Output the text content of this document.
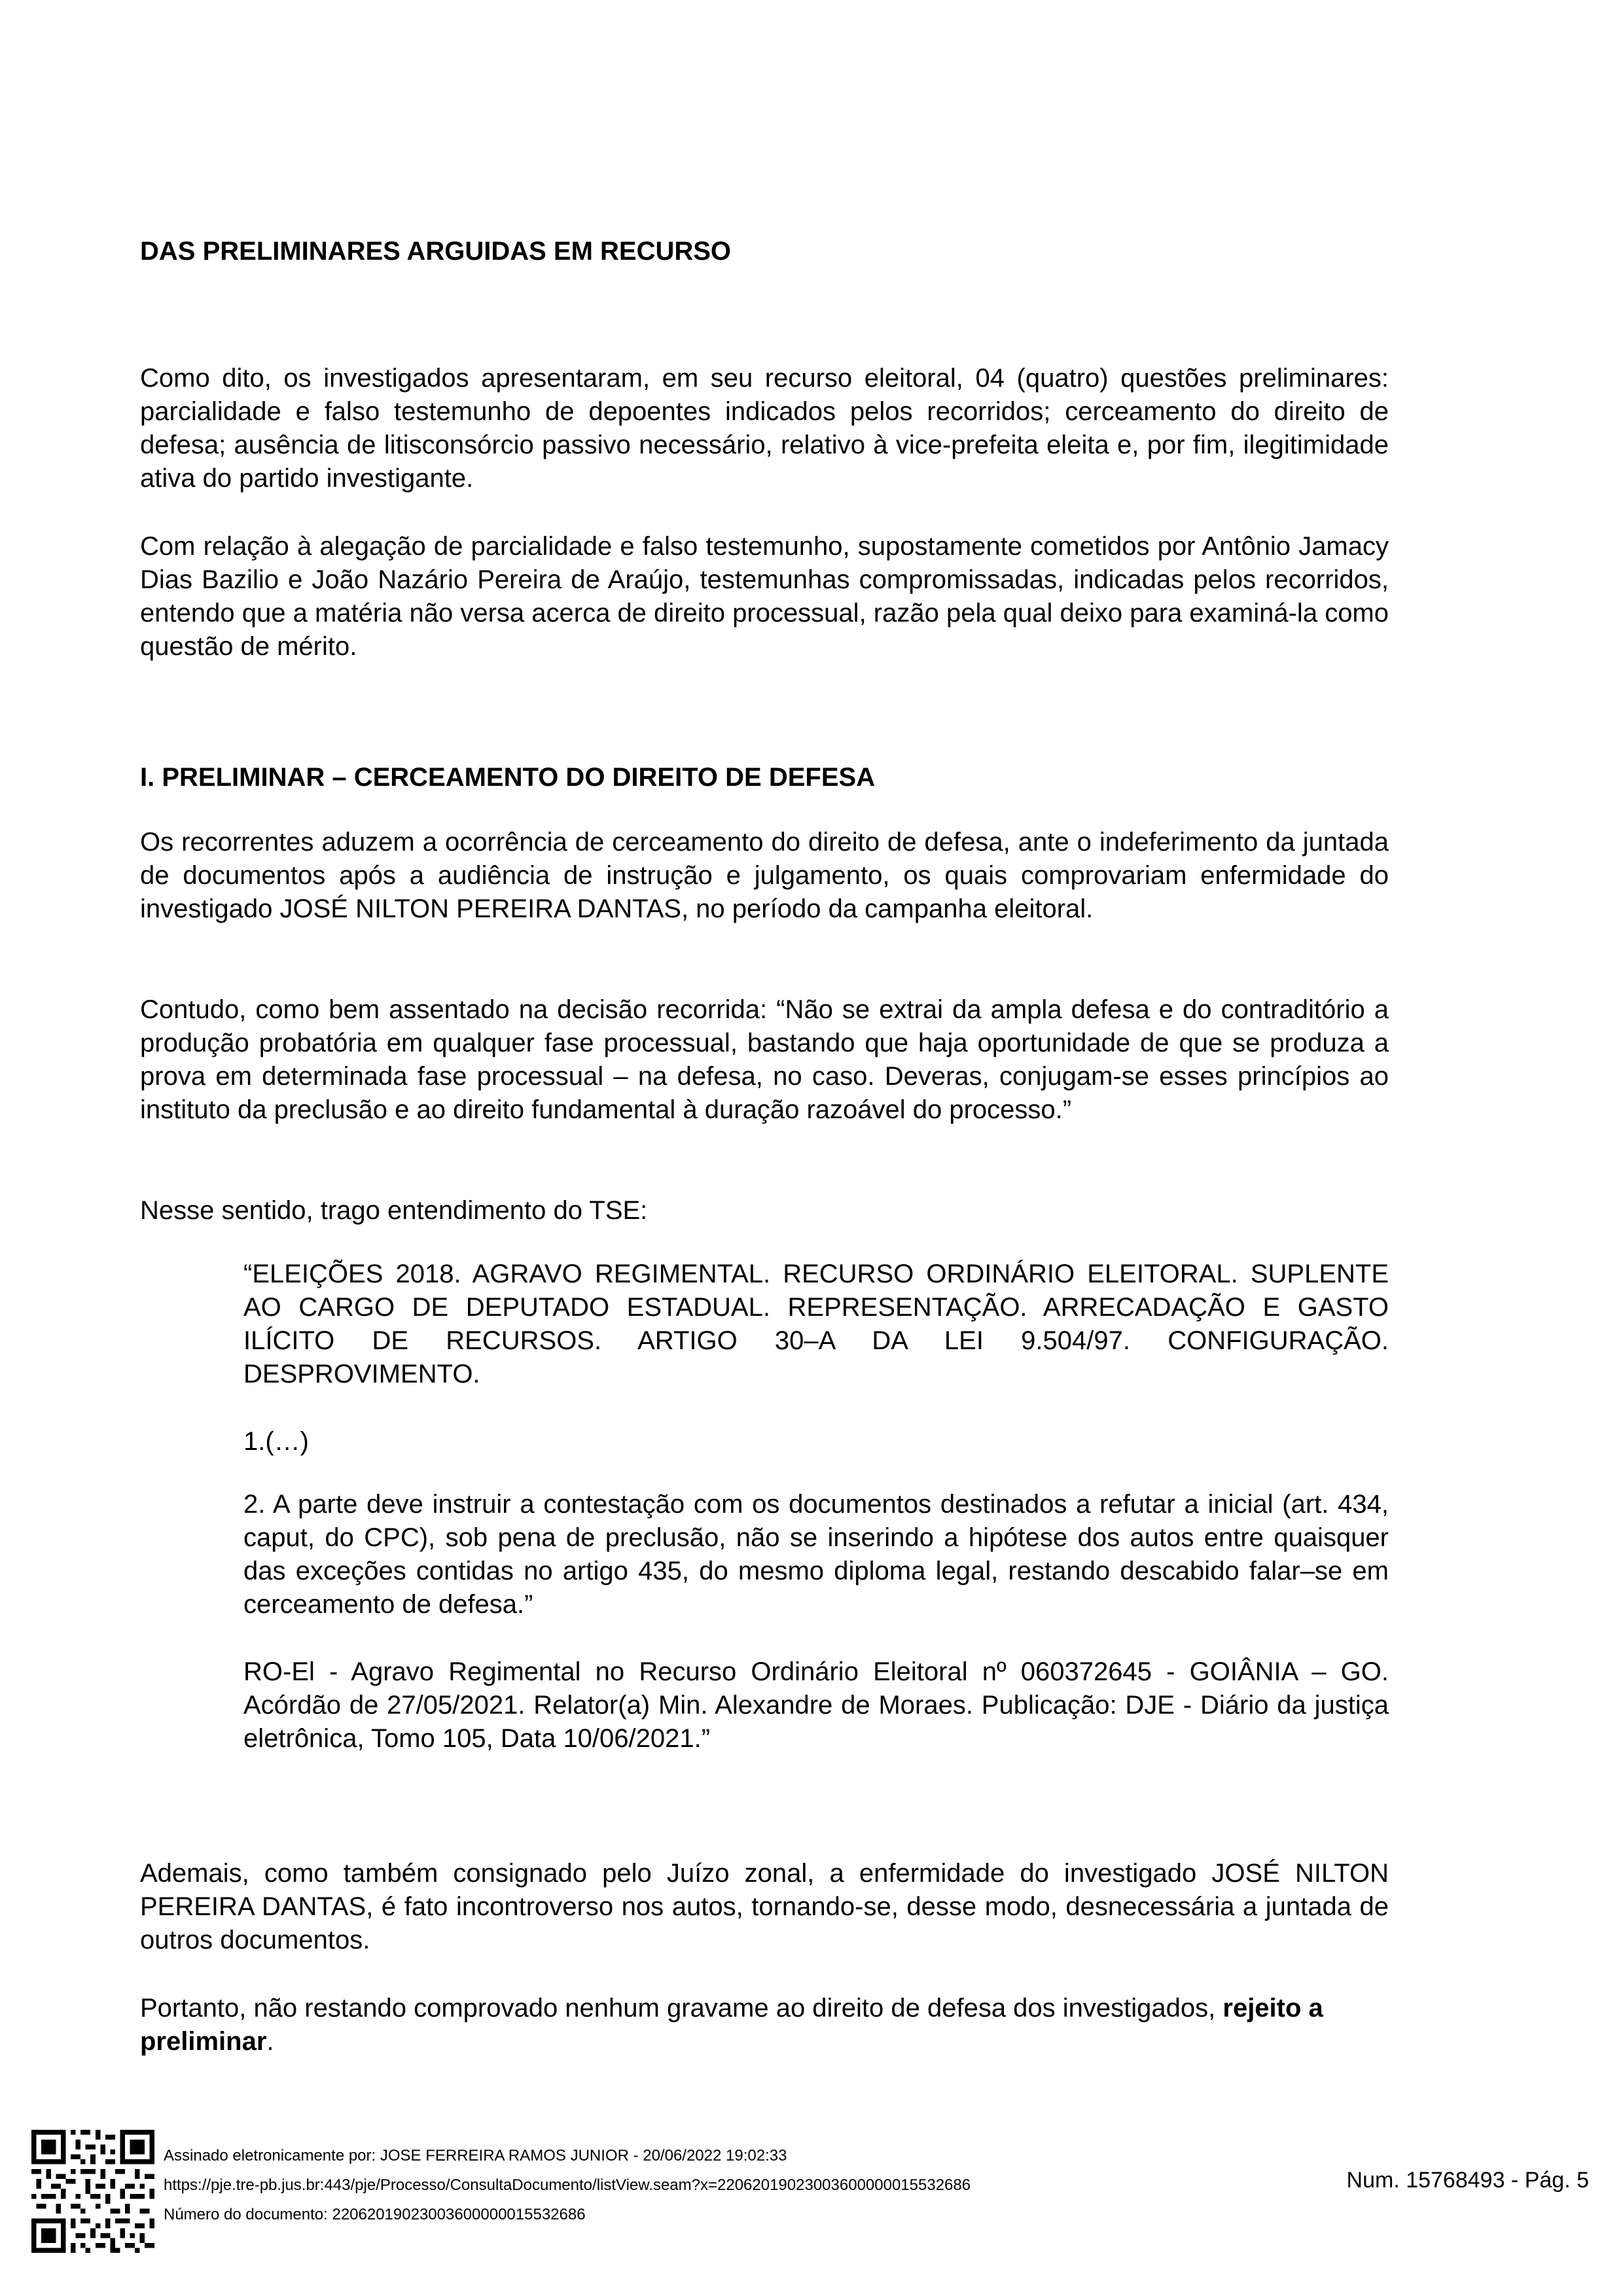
DAS PRELIMINARES ARGUIDAS EM RECURSO

Como dito, os investigados apresentaram, em seu recurso eleitoral, 04 (quatro) questões preliminares: parcialidade e falso testemunho de depoentes indicados pelos recorridos; cerceamento do direito de defesa; ausência de litisconsórcio passivo necessário, relativo à vice-prefeita eleita e, por fim, ilegitimidade ativa do partido investigante.

Com relação à alegação de parcialidade e falso testemunho, supostamente cometidos por Antônio Jamacy Dias Bazilio e João Nazário Pereira de Araújo, testemunhas compromissadas, indicadas pelos recorridos, entendo que a matéria não versa acerca de direito processual, razão pela qual deixo para examiná-la como questão de mérito.

I. PRELIMINAR – CERCEAMENTO DO DIREITO DE DEFESA

Os recorrentes aduzem a ocorrência de cerceamento do direito de defesa, ante o indeferimento da juntada de documentos após a audiência de instrução e julgamento, os quais comprovariam enfermidade do investigado JOSÉ NILTON PEREIRA DANTAS, no período da campanha eleitoral.

Contudo, como bem assentado na decisão recorrida: “Não se extrai da ampla defesa e do contraditório a produção probatória em qualquer fase processual, bastando que haja oportunidade de que se produza a prova em determinada fase processual – na defesa, no caso. Deveras, conjugam-se esses princípios ao instituto da preclusão e ao direito fundamental à duração razoável do processo.”

Nesse sentido, trago entendimento do TSE:

“ELEIÇÕES 2018. AGRAVO REGIMENTAL. RECURSO ORDINÁRIO ELEITORAL. SUPLENTE AO CARGO DE DEPUTADO ESTADUAL. REPRESENTAÇÃO. ARRECADAÇÃO E GASTO ILÍCITO DE RECURSOS. ARTIGO 30–A DA LEI 9.504/97. CONFIGURAÇÃO. DESPROVIMENTO.

1.(…)

2. A parte deve instruir a contestação com os documentos destinados a refutar a inicial (art. 434, caput, do CPC), sob pena de preclusão, não se inserindo a hipótese dos autos entre quaisquer das exceções contidas no artigo 435, do mesmo diploma legal, restando descabido falar–se em cerceamento de defesa.”

RO-El - Agravo Regimental no Recurso Ordinário Eleitoral nº 060372645 - GOIÂNIA – GO. Acórdão de 27/05/2021. Relator(a) Min. Alexandre de Moraes. Publicação: DJE - Diário da justiça eletrônica, Tomo 105, Data 10/06/2021.”

Ademais, como também consignado pelo Juízo zonal, a enfermidade do investigado JOSÉ NILTON PEREIRA DANTAS, é fato incontroverso nos autos, tornando-se, desse modo, desnecessária a juntada de outros documentos.

Portanto, não restando comprovado nenhum gravame ao direito de defesa dos investigados, rejeito a preliminar.

Assinado eletronicamente por: JOSE FERREIRA RAMOS JUNIOR - 20/06/2022 19:02:33
https://pje.tre-pb.jus.br:443/pje/Processo/ConsultaDocumento/listView.seam?x=22062019023003600000015532686
Número do documento: 22062019023003600000015532686
Num. 15768493 - Pág. 5
